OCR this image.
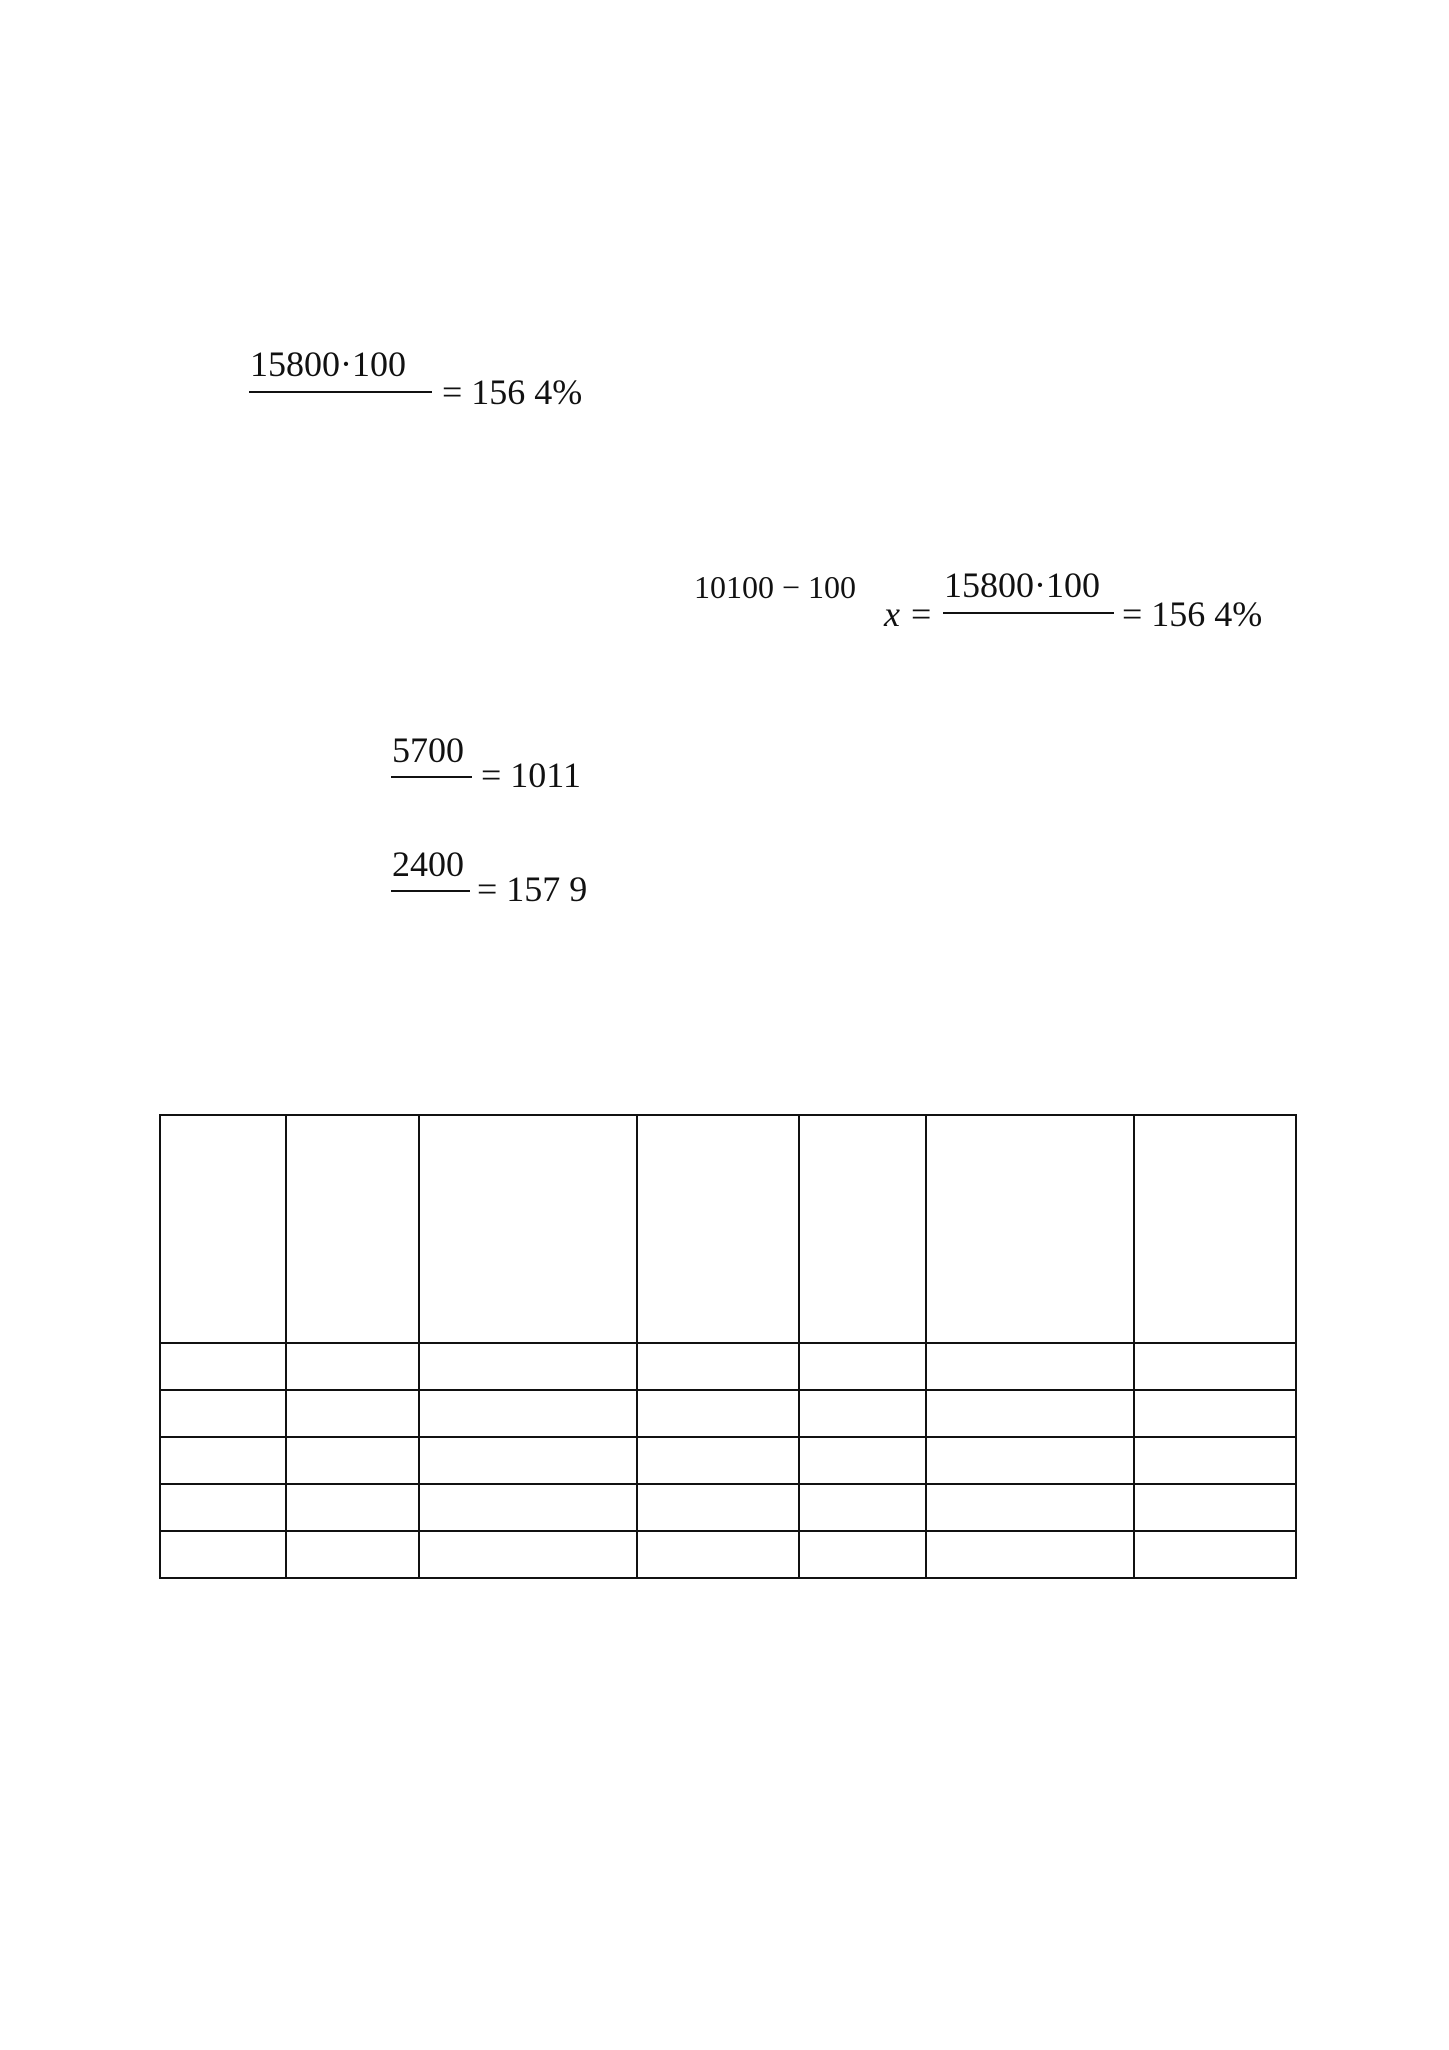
15800·100
= 156 4%
10100 − 100
x =
15800·100
= 156 4%
5700
= 1011
2400
= 157 9
